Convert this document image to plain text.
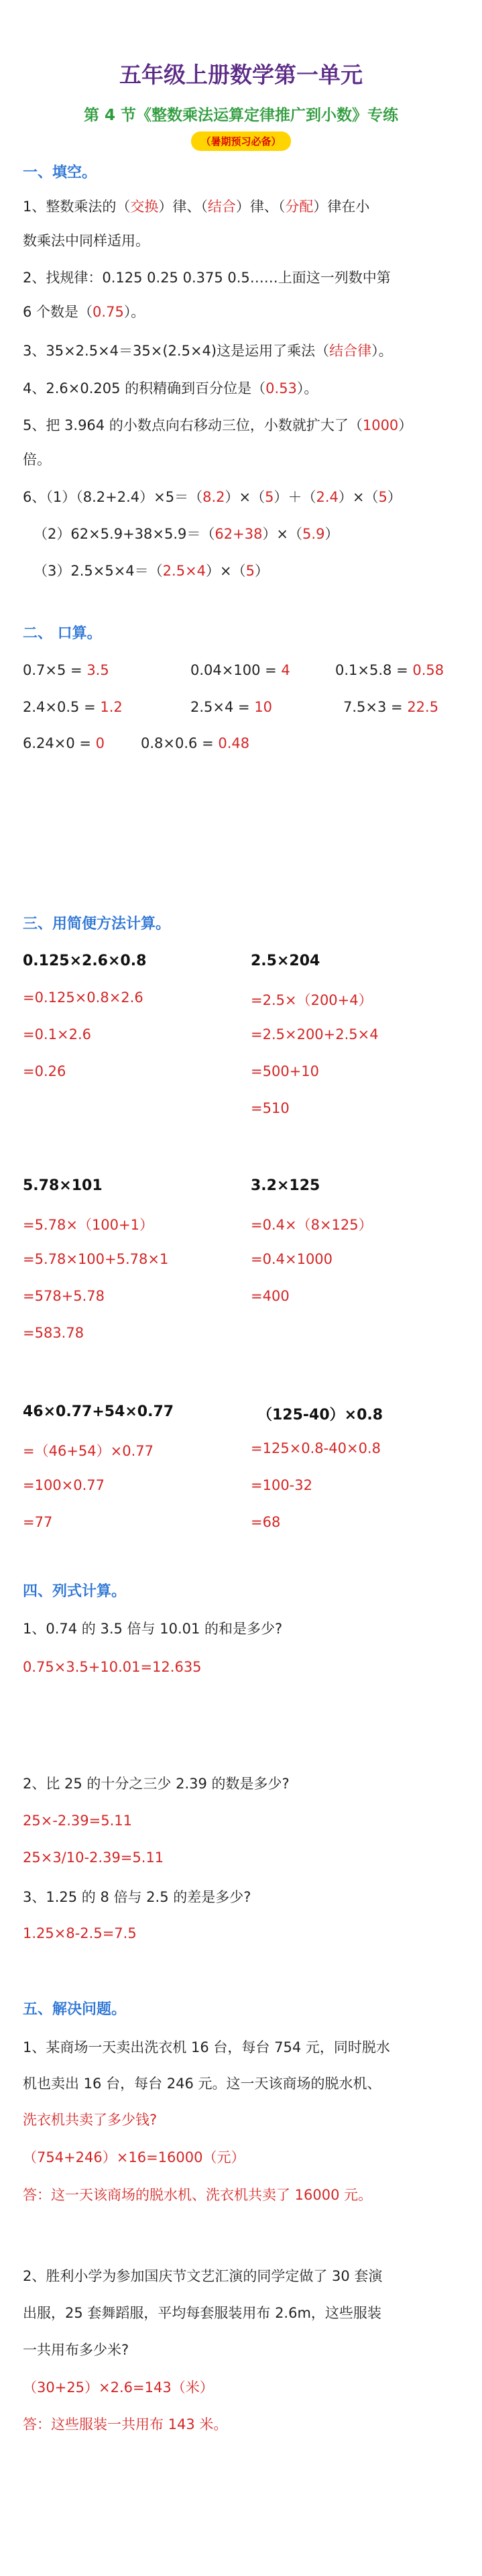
五年级上册数学第一单元
第 4 节《整数乘法运算定律推广到小数》专练
（暑期预习必备）
一、填空。
1、整数乘法的（交换）律、（结合）律、（分配）律在小
数乘法中同样适用。
2、找规律：0.125 0.25 0.375 0.5……上面这一列数中第
6 个数是（0.75）。
3、35×2.5×4＝35×(2.5×4)这是运用了乘法（结合律）。
4、2.6×0.205 的积精确到百分位是（0.53）。
5、把 3.964 的小数点向右移动三位，小数就扩大了（1000）
倍。
6、（1）（8.2+2.4）×5＝（8.2）×（5）＋（2.4）×（5）
（2）62×5.9+38×5.9＝（62+38）×（5.9）
（3）2.5×5×4＝（2.5×4）×（5）
二、 口算。
0.7×5 = 3.5	0.04×100 = 4	0.1×5.8 = 0.58
2.4×0.5 = 1.2	2.5×4 = 10	7.5×3 = 22.5
6.24×0 = 0	0.8×0.6 = 0.48
三、用简便方法计算。
0.125×2.6×0.8
=0.125×0.8×2.6
=0.1×2.6
=0.26
2.5×204
=2.5×（200+4）
=2.5×200+2.5×4
=500+10
=510
5.78×101
=5.78×（100+1）
=5.78×100+5.78×1
=578+5.78
=583.78
3.2×125
=0.4×（8×125）
=0.4×1000
=400
46×0.77+54×0.77
=（46+54）×0.77
=100×0.77
=77
（125-40）×0.8
=125×0.8-40×0.8
=100-32
=68
四、列式计算。
1、0.74 的 3.5 倍与 10.01 的和是多少?
0.75×3.5+10.01=12.635
2、比 25 的十分之三少 2.39 的数是多少?
25×-2.39=5.11
25×3/10-2.39=5.11
3、1.25 的 8 倍与 2.5 的差是多少?
1.25×8-2.5=7.5
五、解决问题。
1、某商场一天卖出洗衣机 16 台，每台 754 元，同时脱水
机也卖出 16 台，每台 246 元。这一天该商场的脱水机、
洗衣机共卖了多少钱?
（754+246）×16=16000（元）
答：这一天该商场的脱水机、洗衣机共卖了 16000 元。
2、胜利小学为参加国庆节文艺汇演的同学定做了 30 套演
出服，25 套舞蹈服，平均每套服装用布 2.6m，这些服装
一共用布多少米?
（30+25）×2.6=143（米）
答：这些服装一共用布 143 米。
